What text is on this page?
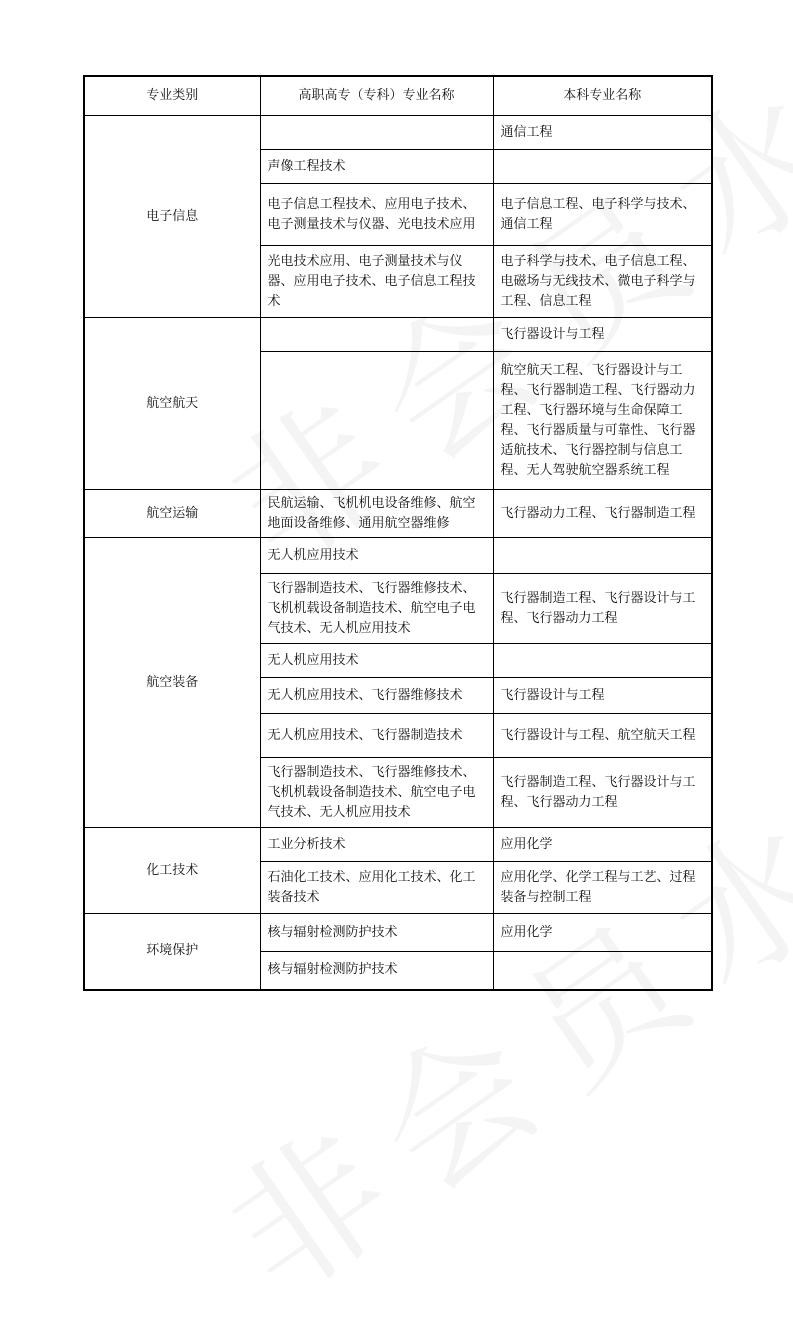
专业类别	高职高专（专科）专业名称	本科专业名称
电子信息		通信工程
	声像工程技术	
	电子信息工程技术、应用电子技术、电子测量技术与仪器、光电技术应用	电子信息工程、电子科学与技术、通信工程
	光电技术应用、电子测量技术与仪器、应用电子技术、电子信息工程技术	电子科学与技术、电子信息工程、电磁场与无线技术、微电子科学与工程、信息工程
航空航天		飞行器设计与工程
		航空航天工程、飞行器设计与工程、飞行器制造工程、飞行器动力工程、飞行器环境与生命保障工程、飞行器质量与可靠性、飞行器适航技术、飞行器控制与信息工程、无人驾驶航空器系统工程
航空运输	民航运输、飞机机电设备维修、航空地面设备维修、通用航空器维修	飞行器动力工程、飞行器制造工程
航空装备	无人机应用技术	
	飞行器制造技术、飞行器维修技术、飞机机载设备制造技术、航空电子电气技术、无人机应用技术	飞行器制造工程、飞行器设计与工程、飞行器动力工程
	无人机应用技术	
	无人机应用技术、飞行器维修技术	飞行器设计与工程
	无人机应用技术、飞行器制造技术	飞行器设计与工程、航空航天工程
	飞行器制造技术、飞行器维修技术、飞机机载设备制造技术、航空电子电气技术、无人机应用技术	飞行器制造工程、飞行器设计与工程、飞行器动力工程
化工技术	工业分析技术	应用化学
	石油化工技术、应用化工技术、化工装备技术	应用化学、化学工程与工艺、过程装备与控制工程
环境保护	核与辐射检测防护技术	应用化学
	核与辐射检测防护技术	
